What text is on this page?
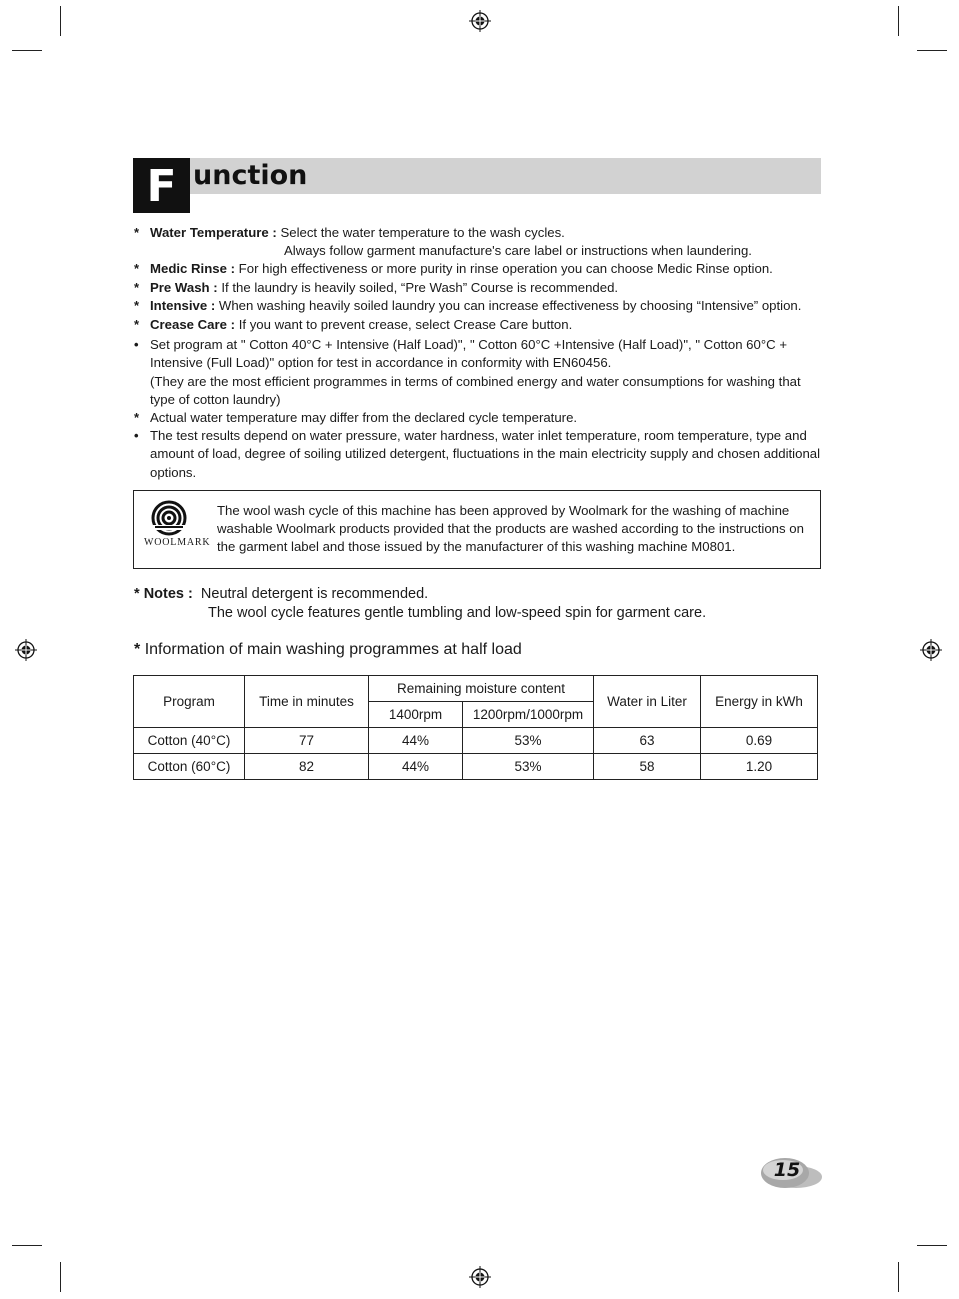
F unction
* Water Temperature : Select the water temperature to the wash cycles.
Always follow garment manufacture's care label or instructions when laundering.
* Medic Rinse : For high effectiveness or more purity in rinse operation you can choose Medic Rinse option.
* Pre Wash : If the laundry is heavily soiled, “Pre Wash” Course is recommended.
* Intensive : When washing heavily soiled laundry you can increase effectiveness by choosing “Intensive” option.
* Crease Care : If you want to prevent crease, select Crease Care button.
• Set program at " Cotton 40°C + Intensive (Half Load)", " Cotton 60°C +Intensive (Half Load)", " Cotton 60°C + Intensive (Full Load)" option for test in accordance in conformity with EN60456.
(They are the most efficient programmes in terms of combined energy and water consumptions for washing that type of cotton laundry)
* Actual water temperature may differ from the declared cycle temperature.
• The test results depend on water pressure, water hardness, water inlet temperature, room temperature, type and amount of load, degree of soiling utilized detergent, fluctuations in the main electricity supply and chosen additional options.
WOOLMARK
The wool wash cycle of this machine has been approved by Woolmark for the washing of machine washable Woolmark products provided that the products are washed according to the instructions on the garment label and those issued by the manufacturer of this washing machine M0801.
* Notes : Neutral detergent is recommended.
The wool cycle features gentle tumbling and low-speed spin for garment care.
* Information of main washing programmes at half load
Program	Time in minutes	Remaining moisture content		Water in Liter	Energy in kWh
		1400rpm	1200rpm/1000rpm		
Cotton (40°C)	77	44%	53%	63	0.69
Cotton (60°C)	82	44%	53%	58	1.20
15
